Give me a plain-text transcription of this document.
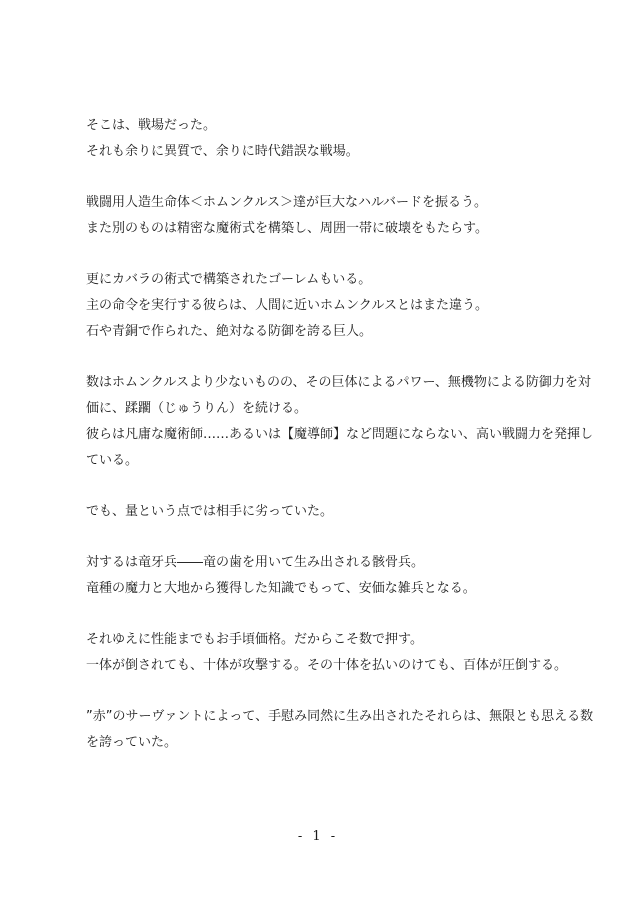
そこは、戦場だった。
それも余りに異質で、余りに時代錯誤な戦場。
戦闘用人造生命体＜ホムンクルス＞達が巨大なハルバードを振るう。
また別のものは精密な魔術式を構築し、周囲一帯に破壊をもたらす。
更にカバラの術式で構築されたゴーレムもいる。
主の命令を実行する彼らは、人間に近いホムンクルスとはまた違う。
石や青銅で作られた、絶対なる防御を誇る巨人。
数はホムンクルスより少ないものの、その巨体によるパワー、無機物による防御力を対
価に、蹂躙（じゅうりん）を続ける。
彼らは凡庸な魔術師……あるいは【魔導師】など問題にならない、高い戦闘力を発揮し
ている。
でも、量という点では相手に劣っていた。
対するは竜牙兵――竜の歯を用いて生み出される骸骨兵。
竜種の魔力と大地から獲得した知識でもって、安価な雑兵となる。
それゆえに性能までもお手頃価格。だからこそ数で押す。
一体が倒されても、十体が攻撃する。その十体を払いのけても、百体が圧倒する。
”赤”のサーヴァントによって、手慰み同然に生み出されたそれらは、無限とも思える数
を誇っていた。
- 1 -
